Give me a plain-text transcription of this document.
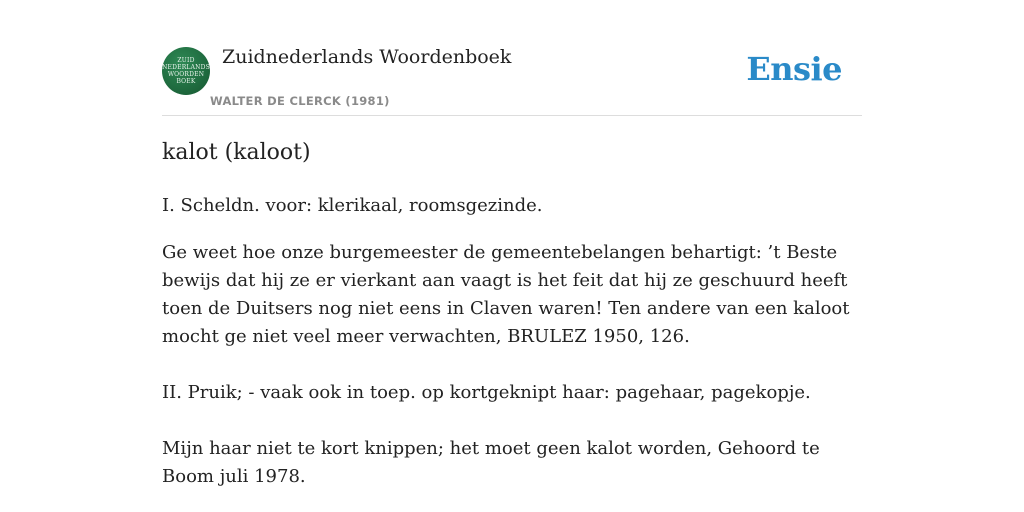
ZUID
NEDERLANDS
WOORDEN
BOEK
Zuidnederlands Woordenboek
WALTER DE CLERCK (1981)
Ensie
kalot (kaloot)

I. Scheldn. voor: klerikaal, roomsgezinde.

Ge weet hoe onze burgemeester de gemeentebelangen behartigt: ’t Beste bewijs dat hij ze er vierkant aan vaagt is het feit dat hij ze geschuurd heeft toen de Duitsers nog niet eens in Claven waren! Ten andere van een kaloot mocht ge niet veel meer verwachten, BRULEZ 1950, 126.

II. Pruik; - vaak ook in toep. op kortgeknipt haar: pagehaar, pagekopje.

Mijn haar niet te kort knippen; het moet geen kalot worden, Gehoord te Boom juli 1978.
